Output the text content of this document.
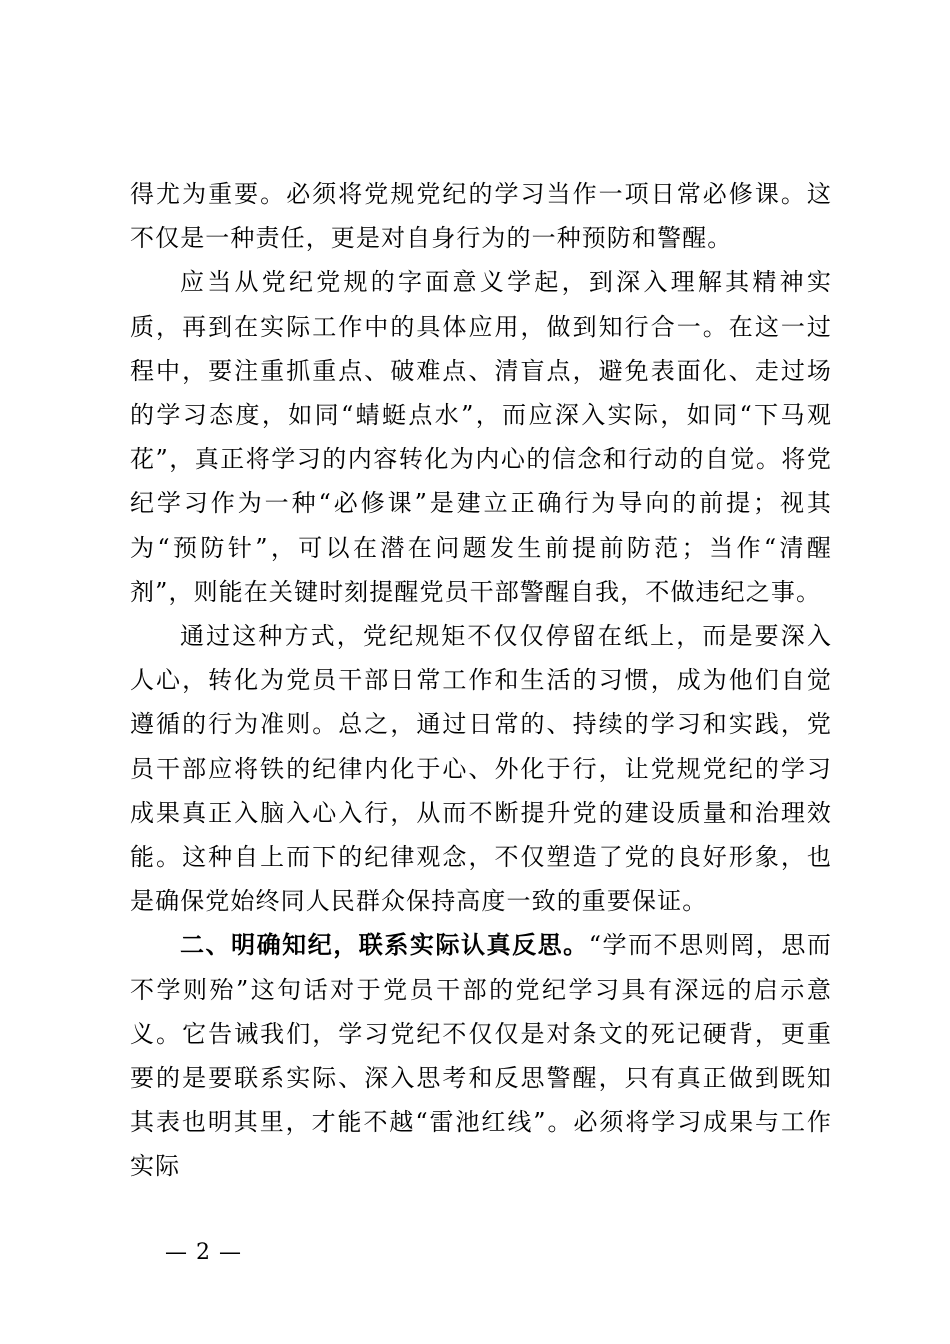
得尤为重要。必须将党规党纪的学习当作一项日常必修课。这不仅是一种责任，更是对自身行为的一种预防和警醒。

应当从党纪党规的字面意义学起，到深入理解其精神实质，再到在实际工作中的具体应用，做到知行合一。在这一过程中，要注重抓重点、破难点、清盲点，避免表面化、走过场的学习态度，如同“蜻蜓点水”，而应深入实际，如同“下马观花”，真正将学习的内容转化为内心的信念和行动的自觉。将党纪学习作为一种“必修课”是建立正确行为导向的前提；视其为“预防针”，可以在潜在问题发生前提前防范；当作“清醒剂”，则能在关键时刻提醒党员干部警醒自我，不做违纪之事。

通过这种方式，党纪规矩不仅仅停留在纸上，而是要深入人心，转化为党员干部日常工作和生活的习惯，成为他们自觉遵循的行为准则。总之，通过日常的、持续的学习和实践，党员干部应将铁的纪律内化于心、外化于行，让党规党纪的学习成果真正入脑入心入行，从而不断提升党的建设质量和治理效能。这种自上而下的纪律观念，不仅塑造了党的良好形象，也是确保党始终同人民群众保持高度一致的重要保证。

二、明确知纪，联系实际认真反思。“学而不思则罔，思而不学则殆”这句话对于党员干部的党纪学习具有深远的启示意义。它告诫我们，学习党纪不仅仅是对条文的死记硬背，更重要的是要联系实际、深入思考和反思警醒，只有真正做到既知其表也明其里，才能不越“雷池红线”。必须将学习成果与工作实际

— 2 —
